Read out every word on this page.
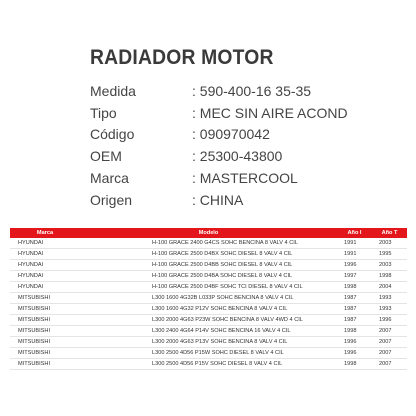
RADIADOR MOTOR
Medida	: 590-400-16 35-35
Tipo	: MEC SIN AIRE ACOND
Código	: 090970042
OEM	: 25300-43800
Marca	: MASTERCOOL
Origen	: CHINA
Marca	Modelo	Año I	Año T
HYUNDAI	H-100 GRACE 2400 G4CS SOHC BENCINA 8 VALV 4 CIL	1991	2003
HYUNDAI	H-100 GRACE 2500 D4BX SOHC DIESEL 8 VALV 4 CIL	1991	1995
HYUNDAI	H-100 GRACE 2500 D4BB SOHC DIESEL 8 VALV 4 CIL	1996	2003
HYUNDAI	H-100 GRACE 2500 D4BA SOHC DIESEL 8 VALV 4 CIL	1997	1998
HYUNDAI	H-100 GRACE 2500 D4BF SOHC TCI DIESEL 8 VALV 4 CIL	1998	2004
MITSUBISHI	L300 1600 4G32B L033P SOHC BENCINA 8 VALV 4 CIL	1987	1993
MITSUBISHI	L300 1600 4G32 P12V SOHC BENCINA 8 VALV 4 CIL	1987	1993
MITSUBISHI	L300 2000 4G63 P23W SOHC BENCINA 8 VALV 4WD 4 CIL	1987	1996
MITSUBISHI	L300 2400 4G64 P14V SOHC BENCINA 16 VALV 4 CIL	1998	2007
MITSUBISHI	L300 2000 4G63 P13V SOHC BENCINA 8 VALV 4 CIL	1996	2007
MITSUBISHI	L300 2500 4D56 P15W SOHC DIESEL 8 VALV 4 CIL	1996	2007
MITSUBISHI	L300 2500 4D56 P15V SOHC DIESEL 8 VALV 4 CIL	1998	2007
